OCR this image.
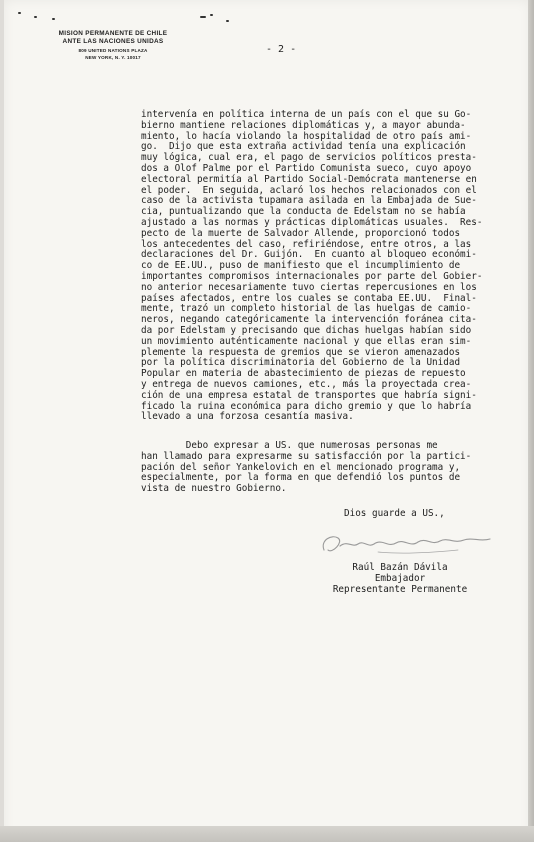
MISION PERMANENTE DE CHILE
ANTE LAS NACIONES UNIDAS
809 UNITED NATIONS PLAZA
NEW YORK, N. Y. 10017
- 2 -
intervenía en política interna de un país con el que su Go-
bierno mantiene relaciones diplomáticas y, a mayor abunda-
miento, lo hacía violando la hospitalidad de otro país ami-
go.  Dijo que esta extraña actividad tenía una explicación
muy lógica, cual era, el pago de servicios políticos presta-
dos a Olof Palme por el Partido Comunista sueco, cuyo apoyo
electoral permitía al Partido Social-Demócrata mantenerse en
el poder.  En seguida, aclaró los hechos relacionados con el
caso de la activista tupamara asilada en la Embajada de Sue-
cia, puntualizando que la conducta de Edelstam no se había
ajustado a las normas y prácticas diplomáticas usuales.  Res-
pecto de la muerte de Salvador Allende, proporcionó todos
los antecedentes del caso, refiriéndose, entre otros, a las
declaraciones del Dr. Guijón.  En cuanto al bloqueo económi-
co de EE.UU., puso de manifiesto que el incumplimiento de
importantes compromisos internacionales por parte del Gobier-
no anterior necesariamente tuvo ciertas repercusiones en los
países afectados, entre los cuales se contaba EE.UU.  Final-
mente, trazó un completo historial de las huelgas de camio-
neros, negando categóricamente la intervención foránea cita-
da por Edelstam y precisando que dichas huelgas habían sido
un movimiento auténticamente nacional y que ellas eran sim-
plemente la respuesta de gremios que se vieron amenazados
por la política discriminatoria del Gobierno de la Unidad
Popular en materia de abastecimiento de piezas de repuesto
y entrega de nuevos camiones, etc., más la proyectada crea-
ción de una empresa estatal de transportes que habría signi-
ficado la ruina económica para dicho gremio y que lo habría
llevado a una forzosa cesantía masiva.
Debo expresar a US. que numerosas personas me
han llamado para expresarme su satisfacción por la partici-
pación del señor Yankelovich en el mencionado programa y,
especialmente, por la forma en que defendió los puntos de
vista de nuestro Gobierno.
Dios guarde a US.,
Raúl Bazán Dávila
Embajador
Representante Permanente
